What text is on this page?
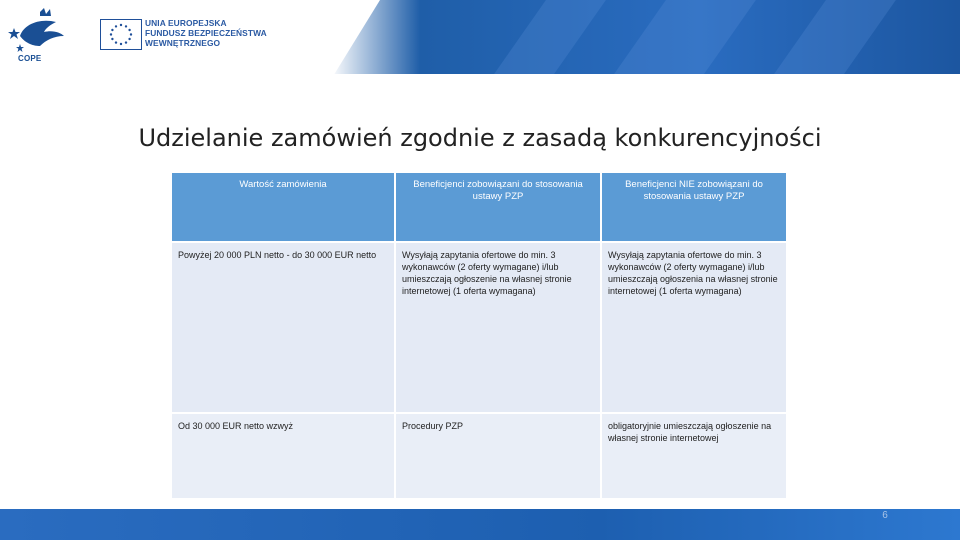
COPE
UNIA EUROPEJSKA
FUNDUSZ BEZPIECZEŃSTWA
WEWNĘTRZNEGO
Udzielanie zamówień zgodnie z zasadą konkurencyjności
Wartość zamówienia	Beneficjenci zobowiązani do stosowania ustawy PZP	Beneficjenci NIE zobowiązani do stosowania ustawy PZP
Powyżej 20 000 PLN netto - do 30 000 EUR netto	Wysyłają zapytania ofertowe do min. 3 wykonawców (2 oferty wymagane) i/lub umieszczają ogłoszenie na własnej stronie internetowej (1 oferta wymagana)	Wysyłają zapytania ofertowe do min. 3 wykonawców (2 oferty wymagane) i/lub umieszczają ogłoszenia na własnej stronie internetowej (1 oferta wymagana)
Od 30 000 EUR netto wzwyż	Procedury PZP	obligatoryjnie umieszczają ogłoszenie na własnej stronie internetowej
6
